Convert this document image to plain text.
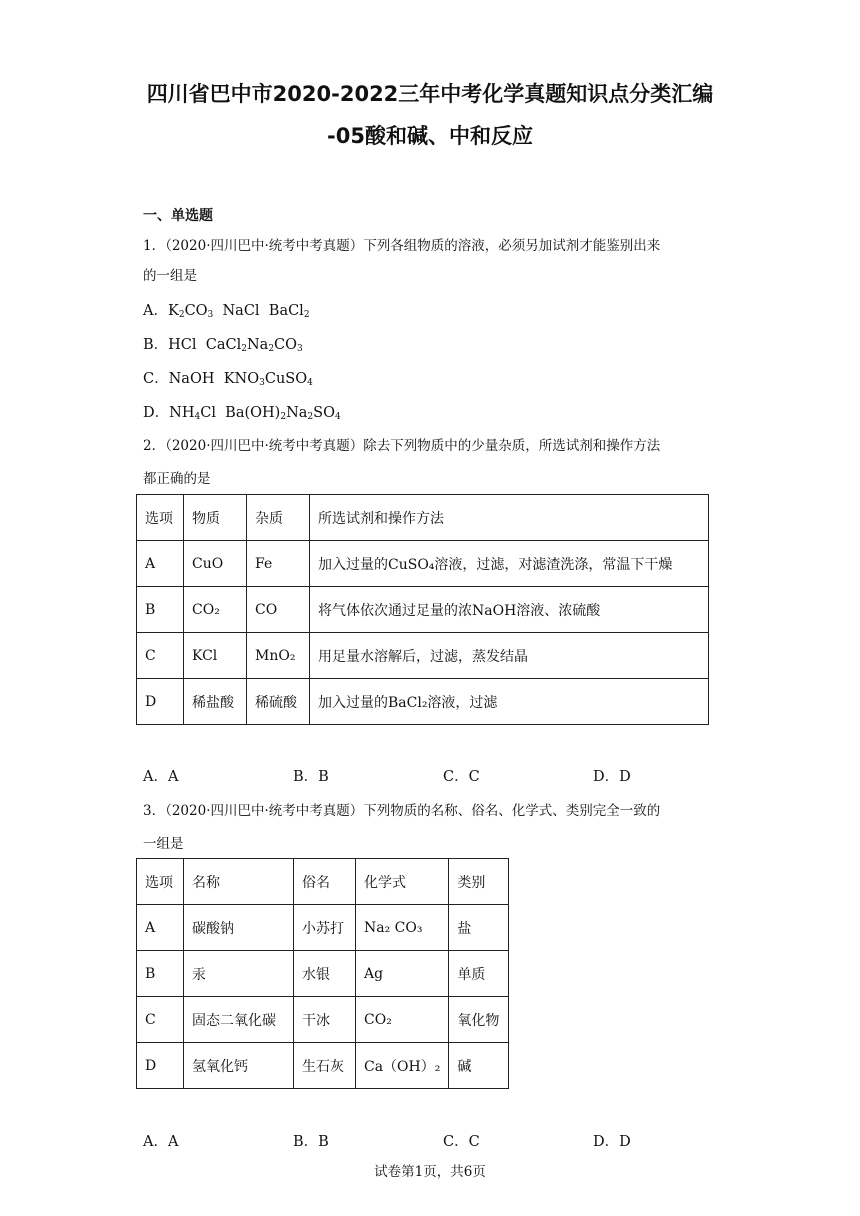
四川省巴中市2020-2022三年中考化学真题知识点分类汇编
-05酸和碱、中和反应
一、单选题
1．（2020·四川巴中·统考中考真题）下列各组物质的溶液，必须另加试剂才能鉴别出来
的一组是
A．$K_2CO_3$  NaCl  BaCl$_2$
B．HCl  $CaCl_2Na_2CO_3$
C．NaOH  $KNO_3CuSO_4$
D．$NH_4Cl$  $Ba(OH)_2Na_2SO_4$
2．（2020·四川巴中·统考中考真题）除去下列物质中的少量杂质，所选试剂和操作方法
都正确的是
选项	物质	杂质	所选试剂和操作方法
A	CuO	Fe	加入过量的CuSO₄溶液，过滤，对滤渣洗涤，常温下干燥
B	CO₂	CO	将气体依次通过足量的浓NaOH溶液、浓硫酸
C	KCl	MnO₂	用足量水溶解后，过滤，蒸发结晶
D	稀盐酸	稀硫酸	加入过量的BaCl₂溶液，过滤
A．A	B．B	C．C	D．D
3．（2020·四川巴中·统考中考真题）下列物质的名称、俗名、化学式、类别完全一致的
一组是
选项	名称	俗名	化学式	类别
A	碳酸钠	小苏打	Na₂ CO₃	盐
B	汞	水银	Ag	单质
C	固态二氧化碳	干冰	CO₂	氧化物
D	氢氧化钙	生石灰	Ca（OH）₂	碱
A．A	B．B	C．C	D．D
试卷第1页，共6页
